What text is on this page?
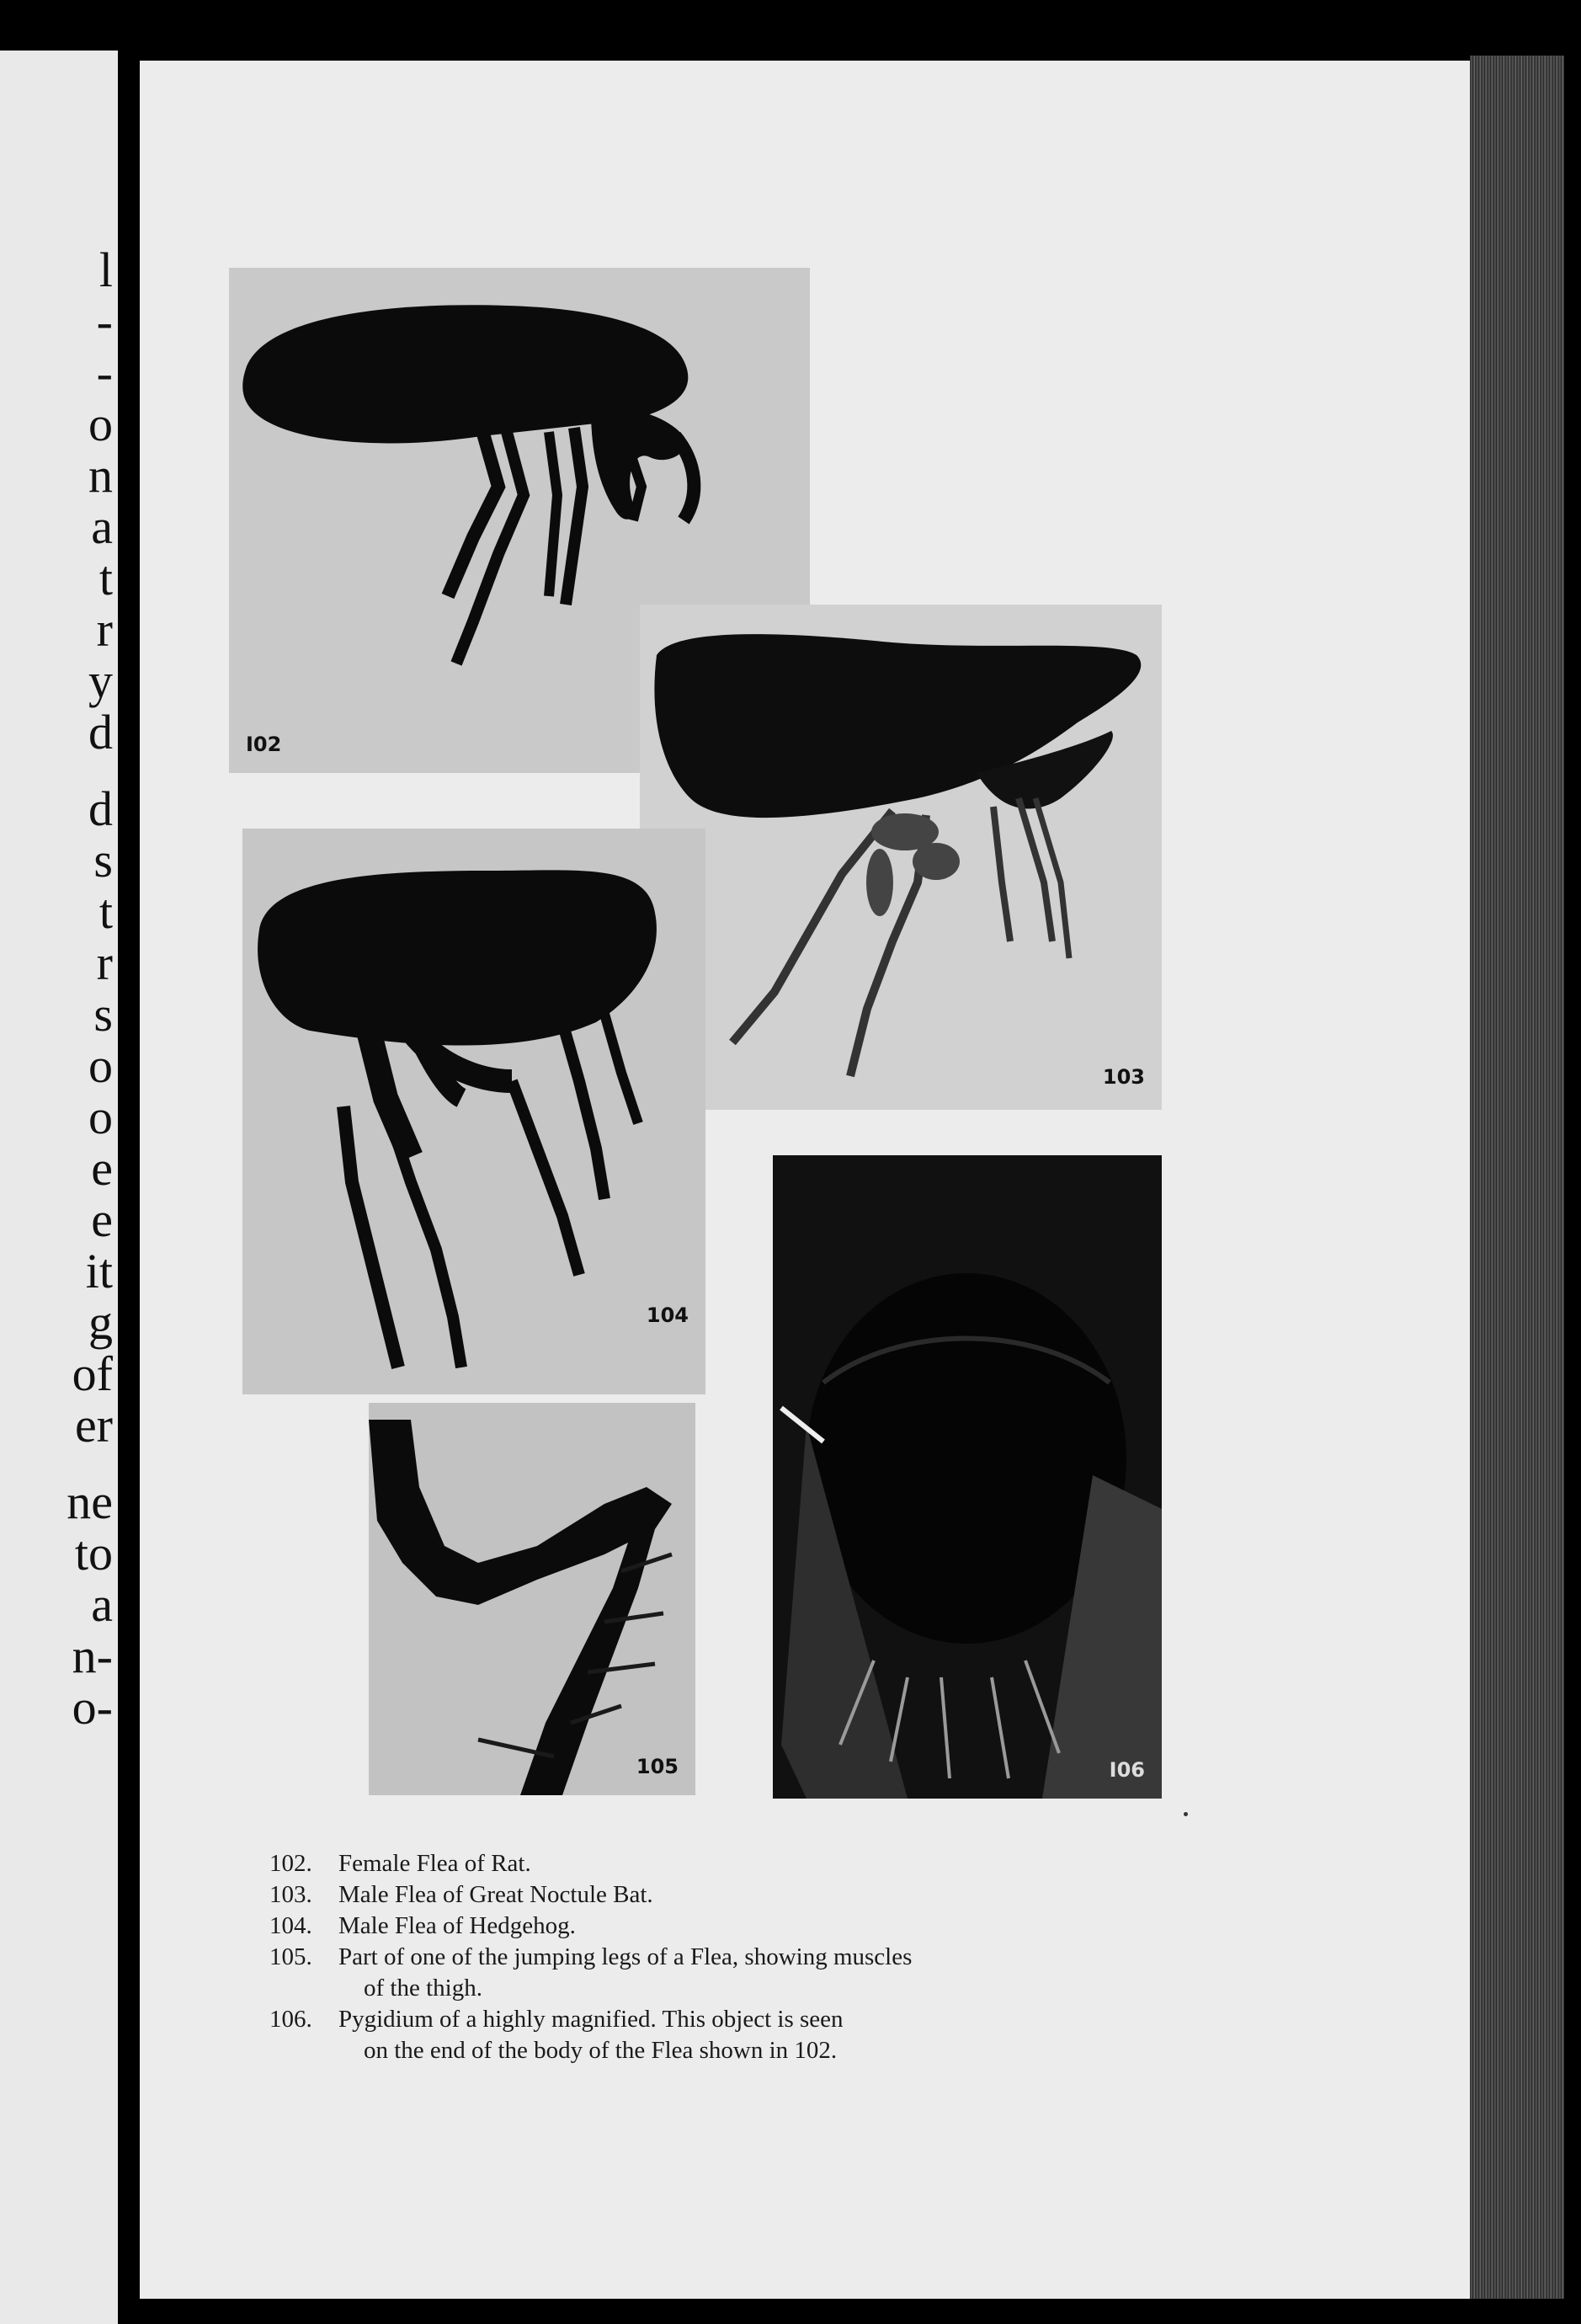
l
-
-
o
n
a
t
r
y
d
d
s
t
r
s
o
o
e
e
it
g
of
er
ne
to
a
n-
o-
I02
103
104
105	I06
102. Female Flea of Rat.
103. Male Flea of Great Noctule Bat.
104. Male Flea of Hedgehog.
105. Part of one of the jumping legs of a Flea, showing muscles
of the thigh.
106. Pygidium of a highly magnified. This object is seen
on the end of the body of the Flea shown in 102.
